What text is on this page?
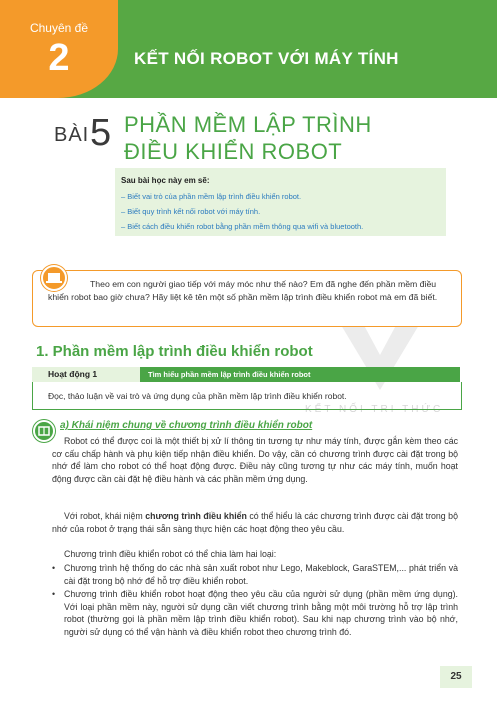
Chuyên đề
2	KẾT NỐI ROBOT VỚI MÁY TÍNH
BÀI 5 PHẦN MỀM LẬP TRÌNH
ĐIỀU KHIỂN ROBOT
Sau bài học này em sẽ:
– Biết vai trò của phần mềm lập trình điều khiển robot.
– Biết quy trình kết nối robot với máy tính.
– Biết cách điều khiển robot bằng phần mềm thông qua wifi và bluetooth.
KẾT NỐI TRI THỨC
Theo em con người giao tiếp với máy móc như thế nào? Em đã nghe đến phần mềm điều khiển robot bao giờ chưa? Hãy liệt kê tên một số phần mềm lập trình điều khiển robot mà em đã biết.
1. Phần mềm lập trình điều khiển robot
Hoạt động 1	Tìm hiểu phần mềm lập trình điều khiển robot
Đọc, thảo luận về vai trò và ứng dụng của phần mềm lập trình điều khiển robot.
a) Khái niệm chung về chương trình điều khiển robot
Robot có thể được coi là một thiết bị xử lí thông tin tương tự như máy tính, được gắn kèm theo các cơ cấu chấp hành và phụ kiện tiếp nhận điều khiển. Do vậy, cần có chương trình được cài đặt trong bộ nhớ để làm cho robot có thể hoạt động được. Điều này cũng tương tự như các máy tính, muốn hoạt động được cần cài đặt hệ điều hành và các phần mềm ứng dụng.
Với robot, khái niệm chương trình điều khiển có thể hiểu là các chương trình được cài đặt trong bộ nhớ của robot ở trạng thái sẵn sàng thực hiện các hoạt động theo yêu cầu.
Chương trình điều khiển robot có thể chia làm hai loại:
• Chương trình hệ thống do các nhà sản xuất robot như Lego, Makeblock, GaraSTEM,... phát triển và cài đặt trong bộ nhớ để hỗ trợ điều khiển robot.
• Chương trình điều khiển robot hoạt động theo yêu cầu của người sử dụng (phần mềm ứng dụng). Với loại phần mềm này, người sử dụng cần viết chương trình bằng một môi trường hỗ trợ lập trình robot (thường gọi là phần mềm lập trình điều khiển robot). Sau khi nạp chương trình vào bộ nhớ, người sử dụng có thể vận hành và điều khiển robot theo chương trình đó.
25
